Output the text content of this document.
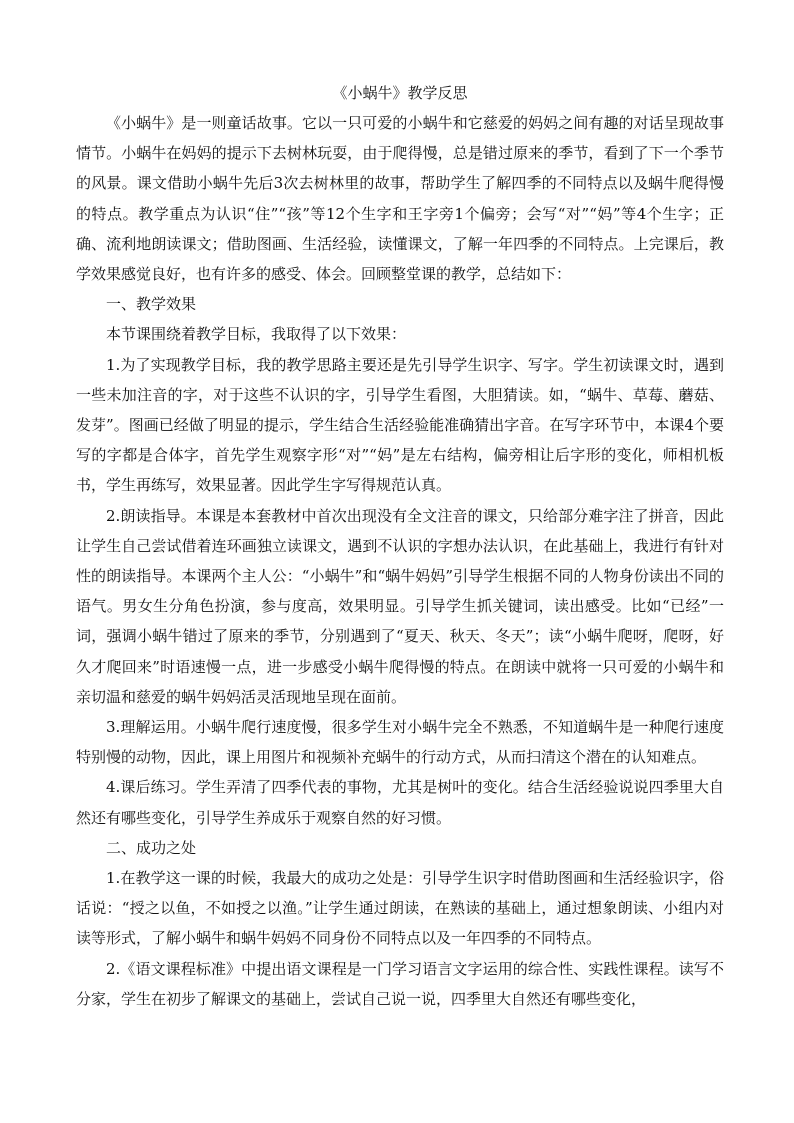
《小蜗牛》教学反思

《小蜗牛》是一则童话故事。它以一只可爱的小蜗牛和它慈爱的妈妈之间有趣的对话呈现故事情节。小蜗牛在妈妈的提示下去树林玩耍，由于爬得慢，总是错过原来的季节，看到了下一个季节的风景。课文借助小蜗牛先后3次去树林里的故事，帮助学生了解四季的不同特点以及蜗牛爬得慢的特点。教学重点为认识“住”“孩”等12个生字和王字旁1个偏旁；会写“对”“妈”等4个生字；正确、流利地朗读课文；借助图画、生活经验，读懂课文，了解一年四季的不同特点。上完课后，教学效果感觉良好，也有许多的感受、体会。回顾整堂课的教学，总结如下：

一、教学效果

本节课围绕着教学目标，我取得了以下效果：

1.为了实现教学目标，我的教学思路主要还是先引导学生识字、写字。学生初读课文时，遇到一些未加注音的字，对于这些不认识的字，引导学生看图，大胆猜读。如，“蜗牛、草莓、蘑菇、发芽”。图画已经做了明显的提示，学生结合生活经验能准确猜出字音。在写字环节中，本课4个要写的字都是合体字，首先学生观察字形“对”“妈”是左右结构，偏旁相让后字形的变化，师相机板书，学生再练写，效果显著。因此学生字写得规范认真。

2.朗读指导。本课是本套教材中首次出现没有全文注音的课文，只给部分难字注了拼音，因此让学生自己尝试借着连环画独立读课文，遇到不认识的字想办法认识，在此基础上，我进行有针对性的朗读指导。本课两个主人公：“小蜗牛”和“蜗牛妈妈”引导学生根据不同的人物身份读出不同的语气。男女生分角色扮演，参与度高，效果明显。引导学生抓关键词，读出感受。比如“已经”一词，强调小蜗牛错过了原来的季节，分别遇到了“夏天、秋天、冬天”；读“小蜗牛爬呀，爬呀，好久才爬回来”时语速慢一点，进一步感受小蜗牛爬得慢的特点。在朗读中就将一只可爱的小蜗牛和亲切温和慈爱的蜗牛妈妈活灵活现地呈现在面前。

3.理解运用。小蜗牛爬行速度慢，很多学生对小蜗牛完全不熟悉，不知道蜗牛是一种爬行速度特别慢的动物，因此，课上用图片和视频补充蜗牛的行动方式，从而扫清这个潜在的认知难点。

4.课后练习。学生弄清了四季代表的事物，尤其是树叶的变化。结合生活经验说说四季里大自然还有哪些变化，引导学生养成乐于观察自然的好习惯。

二、成功之处

1.在教学这一课的时候，我最大的成功之处是：引导学生识字时借助图画和生活经验识字，俗话说：“授之以鱼，不如授之以渔。”让学生通过朗读，在熟读的基础上，通过想象朗读、小组内对读等形式，了解小蜗牛和蜗牛妈妈不同身份不同特点以及一年四季的不同特点。

2.《语文课程标准》中提出语文课程是一门学习语言文字运用的综合性、实践性课程。读写不分家，学生在初步了解课文的基础上，尝试自己说一说，四季里大自然还有哪些变化，
